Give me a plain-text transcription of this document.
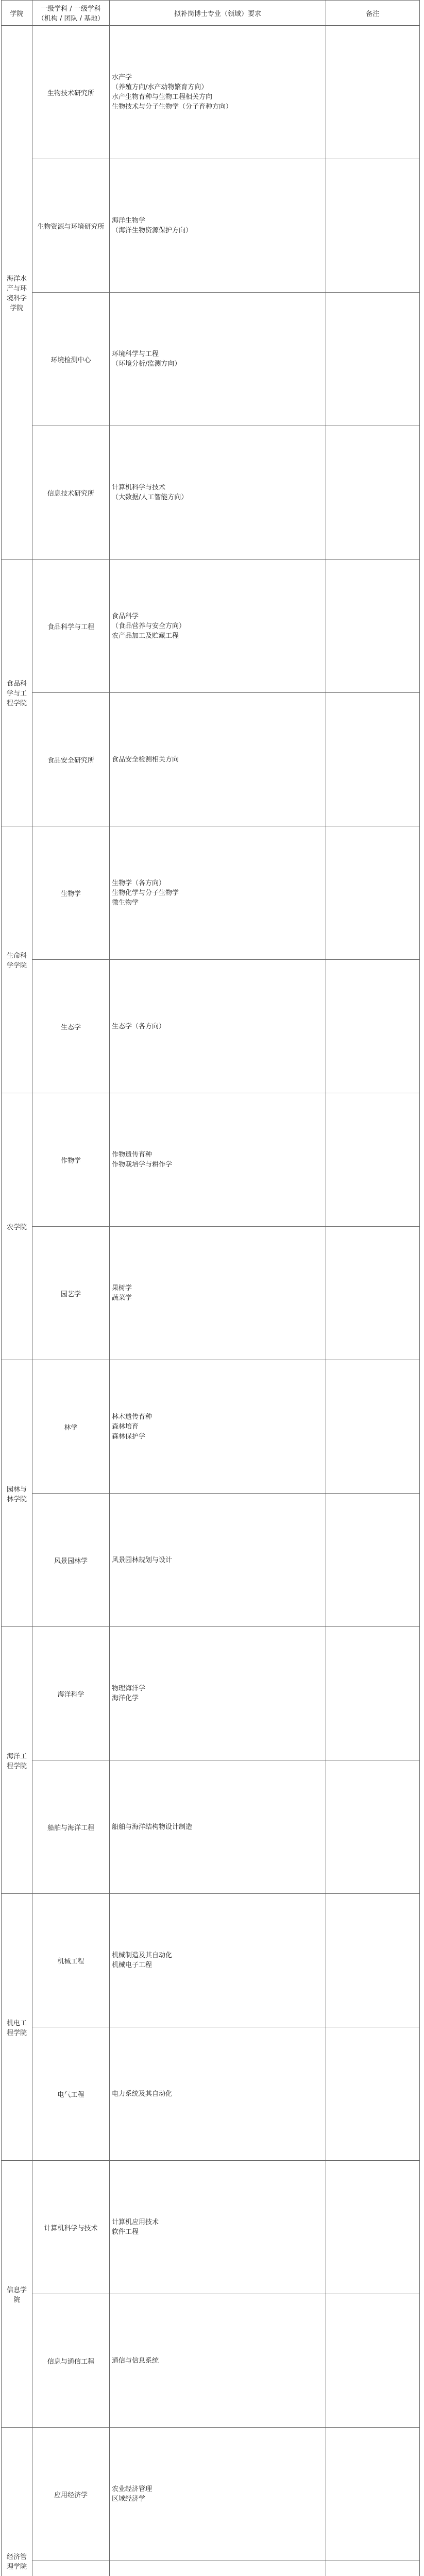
学院	一级学科 / 一级学科（机构 / 团队 / 基地）	拟补岗博士专业（领域）要求	备注
海洋水产与环境科学学院	生物技术研究所	水产学
（养殖方向/水产动物繁育方向）
水产生物育种与生物工程相关方向
生物技术与分子生物学（分子育种方向）	

	生物资源与环境研究所	海洋生物学
（海洋生物资源保护方向）	

	环境检测中心	环境科学与工程
（环境分析/监测方向）	

	信息技术研究所	计算机科学与技术
（大数据/人工智能方向）	

食品科学与工程学院	食品科学与工程	食品科学
（食品营养与安全方向）
农产品加工及贮藏工程	

	食品安全研究所	食品安全检测相关方向	

生命科学学院	生物学	生物学（各方向）
生物化学与分子生物学
微生物学	

	生态学	生态学（各方向）	

农学院	作物学	作物遗传育种
作物栽培学与耕作学	

	园艺学	果树学
蔬菜学	

园林与林学院	林学	林木遗传育种
森林培育
森林保护学	

	风景园林学	风景园林规划与设计	

海洋工程学院	海洋科学	物理海洋学
海洋化学	

	船舶与海洋工程	船舶与海洋结构物设计制造	

机电工程学院	机械工程	机械制造及其自动化
机械电子工程	

	电气工程	电力系统及其自动化	

信息学院	计算机科学与技术	计算机应用技术
软件工程	

	信息与通信工程	通信与信息系统	

经济管理学院	应用经济学	农业经济管理
区域经济学	
